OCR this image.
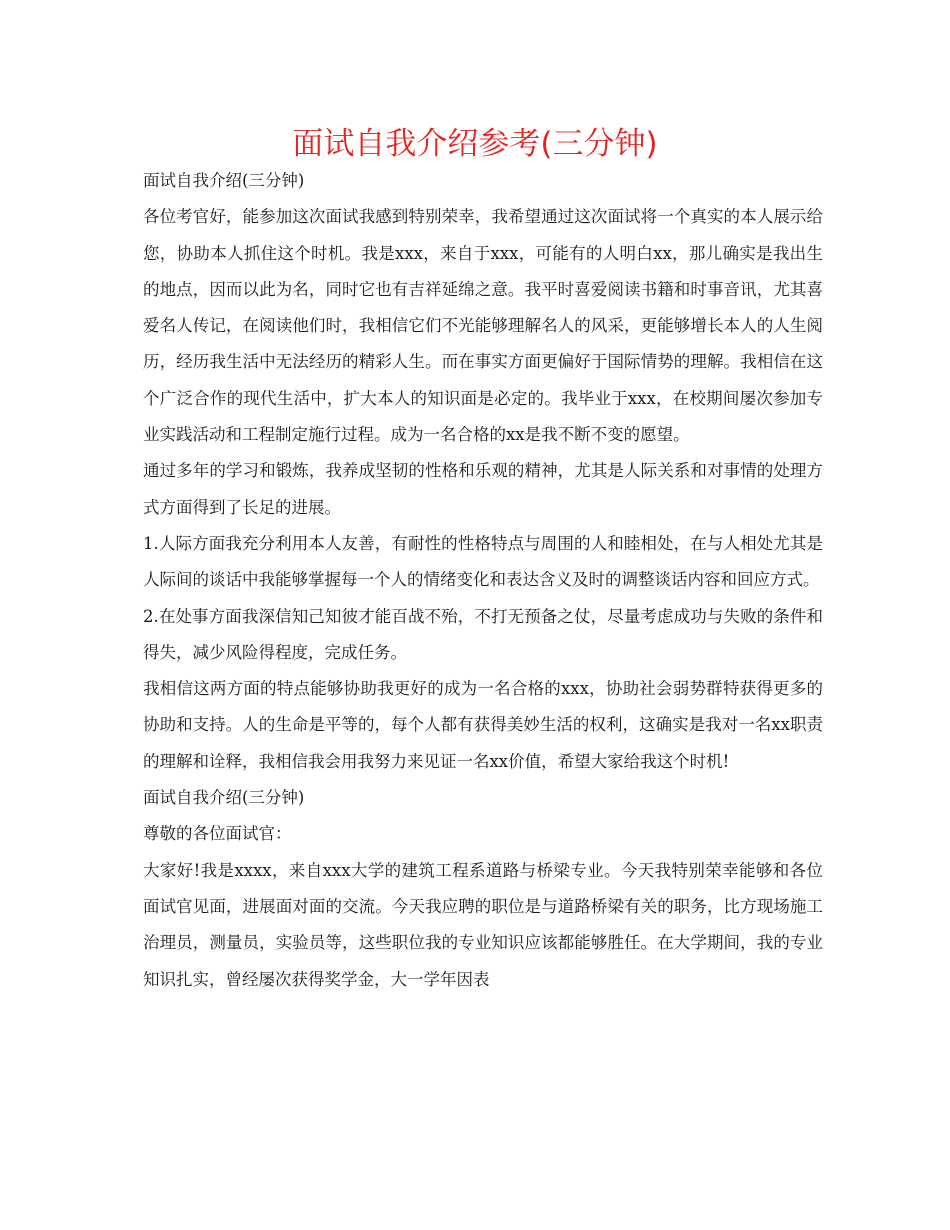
面试自我介绍参考(三分钟)

面试自我介绍(三分钟)

各位考官好，能参加这次面试我感到特别荣幸，我希望通过这次面试将一个真实的本人展示给您，协助本人抓住这个时机。我是xxx，来自于xxx，可能有的人明白xx，那儿确实是我出生的地点，因而以此为名，同时它也有吉祥延绵之意。我平时喜爱阅读书籍和时事音讯，尤其喜爱名人传记，在阅读他们时，我相信它们不光能够理解名人的风采，更能够增长本人的人生阅历，经历我生活中无法经历的精彩人生。而在事实方面更偏好于国际情势的理解。我相信在这个广泛合作的现代生活中，扩大本人的知识面是必定的。我毕业于xxx，在校期间屡次参加专业实践活动和工程制定施行过程。成为一名合格的xx是我不断不变的愿望。

通过多年的学习和锻炼，我养成坚韧的性格和乐观的精神，尤其是人际关系和对事情的处理方式方面得到了长足的进展。

1.人际方面我充分利用本人友善，有耐性的性格特点与周围的人和睦相处，在与人相处尤其是人际间的谈话中我能够掌握每一个人的情绪变化和表达含义及时的调整谈话内容和回应方式。

2.在处事方面我深信知己知彼才能百战不殆，不打无预备之仗，尽量考虑成功与失败的条件和得失，减少风险得程度，完成任务。

我相信这两方面的特点能够协助我更好的成为一名合格的xxx，协助社会弱势群特获得更多的协助和支持。人的生命是平等的，每个人都有获得美妙生活的权利，这确实是我对一名xx职责的理解和诠释，我相信我会用我努力来见证一名xx价值，希望大家给我这个时机!

面试自我介绍(三分钟)

尊敬的各位面试官：

大家好!我是xxxx，来自xxx大学的建筑工程系道路与桥梁专业。今天我特别荣幸能够和各位面试官见面，进展面对面的交流。今天我应聘的职位是与道路桥梁有关的职务，比方现场施工治理员，测量员，实验员等，这些职位我的专业知识应该都能够胜任。在大学期间，我的专业知识扎实，曾经屡次获得奖学金，大一学年因表
